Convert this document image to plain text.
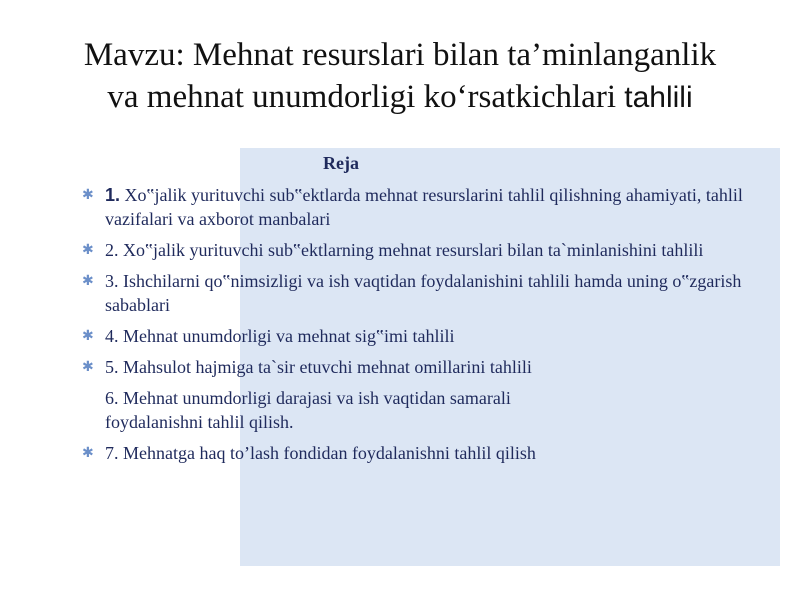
Mavzu: Mehnat resurslari bilan ta’minlanganlik
va mehnat unumdorligi ko‘rsatkichlari tahlili
Reja
✱ 1. Xo‟jalik yurituvchi sub‟ektlarda mehnat resurslarini tahlil qilishning ahamiyati, tahlil vazifalari va axborot manbalari
✱ 2. Xo‟jalik yurituvchi sub‟ektlarning mehnat resurslari bilan ta`minlanishini tahlili
✱ 3. Ishchilarni qo‟nimsizligi va ish vaqtidan foydalanishini tahlili hamda uning o‟zgarish sabablari
✱ 4. Mehnat unumdorligi va mehnat sig‟imi tahlili
✱ 5. Mahsulot hajmiga ta`sir etuvchi mehnat omillarini tahlili
6. Mehnat unumdorligi darajasi va ish vaqtidan samarali
foydalanishni tahlil qilish.
✱ 7. Mehnatga haq to’lash fondidan foydalanishni tahlil qilish
